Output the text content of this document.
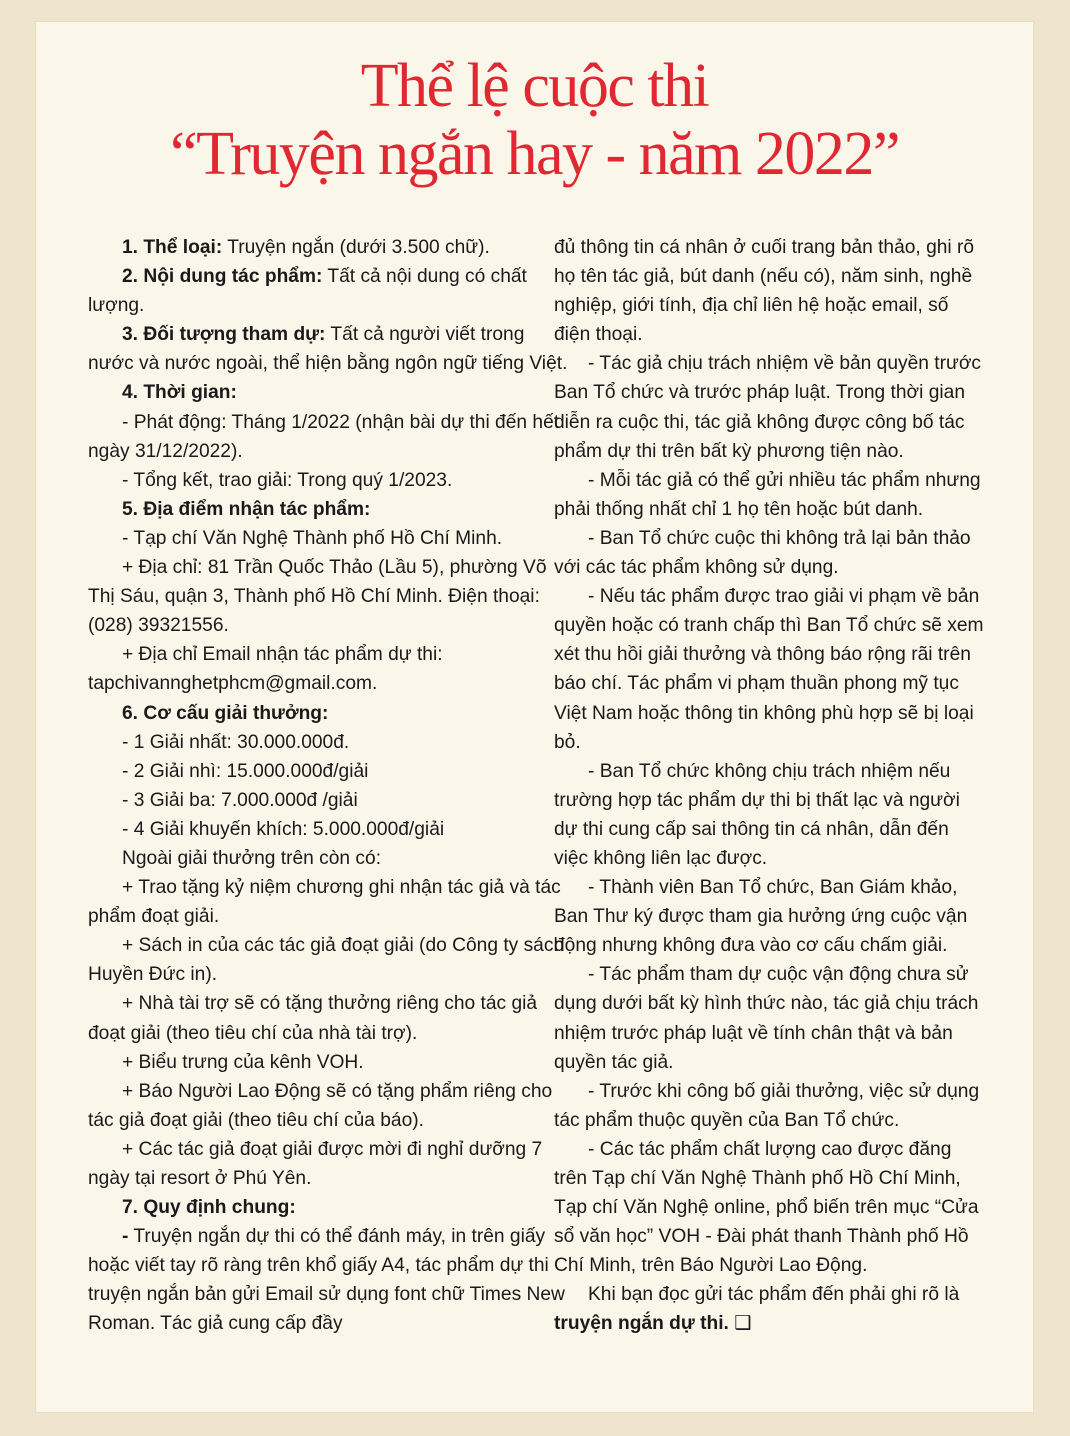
Thể lệ cuộc thi
“Truyện ngắn hay - năm 2022”

1. Thể loại: Truyện ngắn (dưới 3.500 chữ).

2. Nội dung tác phẩm: Tất cả nội dung có chất lượng.

3. Đối tượng tham dự: Tất cả người viết trong nước và nước ngoài, thể hiện bằng ngôn ngữ tiếng Việt.

4. Thời gian:

- Phát động: Tháng 1/2022 (nhận bài dự thi đến hết ngày 31/12/2022).

- Tổng kết, trao giải: Trong quý 1/2023.

5. Địa điểm nhận tác phẩm:

- Tạp chí Văn Nghệ Thành phố Hồ Chí Minh.

+ Địa chỉ: 81 Trần Quốc Thảo (Lầu 5), phường Võ Thị Sáu, quận 3, Thành phố Hồ Chí Minh. Điện thoại: (028) 39321556.

+ Địa chỉ Email nhận tác phẩm dự thi: tapchivannghetphcm@gmail.com.

6. Cơ cấu giải thưởng:

- 1 Giải nhất: 30.000.000đ.

- 2 Giải nhì: 15.000.000đ/giải

- 3 Giải ba: 7.000.000đ /giải

- 4 Giải khuyến khích: 5.000.000đ/giải

Ngoài giải thưởng trên còn có:

+ Trao tặng kỷ niệm chương ghi nhận tác giả và tác phẩm đoạt giải.

+ Sách in của các tác giả đoạt giải (do Công ty sách Huyền Đức in).

+ Nhà tài trợ sẽ có tặng thưởng riêng cho tác giả đoạt giải (theo tiêu chí của nhà tài trợ).

+ Biểu trưng của kênh VOH.

+ Báo Người Lao Động sẽ có tặng phẩm riêng cho tác giả đoạt giải (theo tiêu chí của báo).

+ Các tác giả đoạt giải được mời đi nghỉ dưỡng 7 ngày tại resort ở Phú Yên.

7. Quy định chung:

- Truyện ngắn dự thi có thể đánh máy, in trên giấy hoặc viết tay rõ ràng trên khổ giấy A4, tác phẩm dự thi truyện ngắn bản gửi Email sử dụng font chữ Times New Roman. Tác giả cung cấp đầy

đủ thông tin cá nhân ở cuối trang bản thảo, ghi rõ họ tên tác giả, bút danh (nếu có), năm sinh, nghề nghiệp, giới tính, địa chỉ liên hệ hoặc email, số điện thoại.

- Tác giả chịu trách nhiệm về bản quyền trước Ban Tổ chức và trước pháp luật. Trong thời gian diễn ra cuộc thi, tác giả không được công bố tác phẩm dự thi trên bất kỳ phương tiện nào.

- Mỗi tác giả có thể gửi nhiều tác phẩm nhưng phải thống nhất chỉ 1 họ tên hoặc bút danh.

- Ban Tổ chức cuộc thi không trả lại bản thảo với các tác phẩm không sử dụng.

- Nếu tác phẩm được trao giải vi phạm về bản quyền hoặc có tranh chấp thì Ban Tổ chức sẽ xem xét thu hồi giải thưởng và thông báo rộng rãi trên báo chí. Tác phẩm vi phạm thuần phong mỹ tục Việt Nam hoặc thông tin không phù hợp sẽ bị loại bỏ.

- Ban Tổ chức không chịu trách nhiệm nếu trường hợp tác phẩm dự thi bị thất lạc và người dự thi cung cấp sai thông tin cá nhân, dẫn đến việc không liên lạc được.

- Thành viên Ban Tổ chức, Ban Giám khảo, Ban Thư ký được tham gia hưởng ứng cuộc vận động nhưng không đưa vào cơ cấu chấm giải.

- Tác phẩm tham dự cuộc vận động chưa sử dụng dưới bất kỳ hình thức nào, tác giả chịu trách nhiệm trước pháp luật về tính chân thật và bản quyền tác giả.

- Trước khi công bố giải thưởng, việc sử dụng tác phẩm thuộc quyền của Ban Tổ chức.

- Các tác phẩm chất lượng cao được đăng trên Tạp chí Văn Nghệ Thành phố Hồ Chí Minh, Tạp chí Văn Nghệ online, phổ biến trên mục “Cửa sổ văn học” VOH - Đài phát thanh Thành phố Hồ Chí Minh, trên Báo Người Lao Động.

Khi bạn đọc gửi tác phẩm đến phải ghi rõ là truyện ngắn dự thi. ❑
